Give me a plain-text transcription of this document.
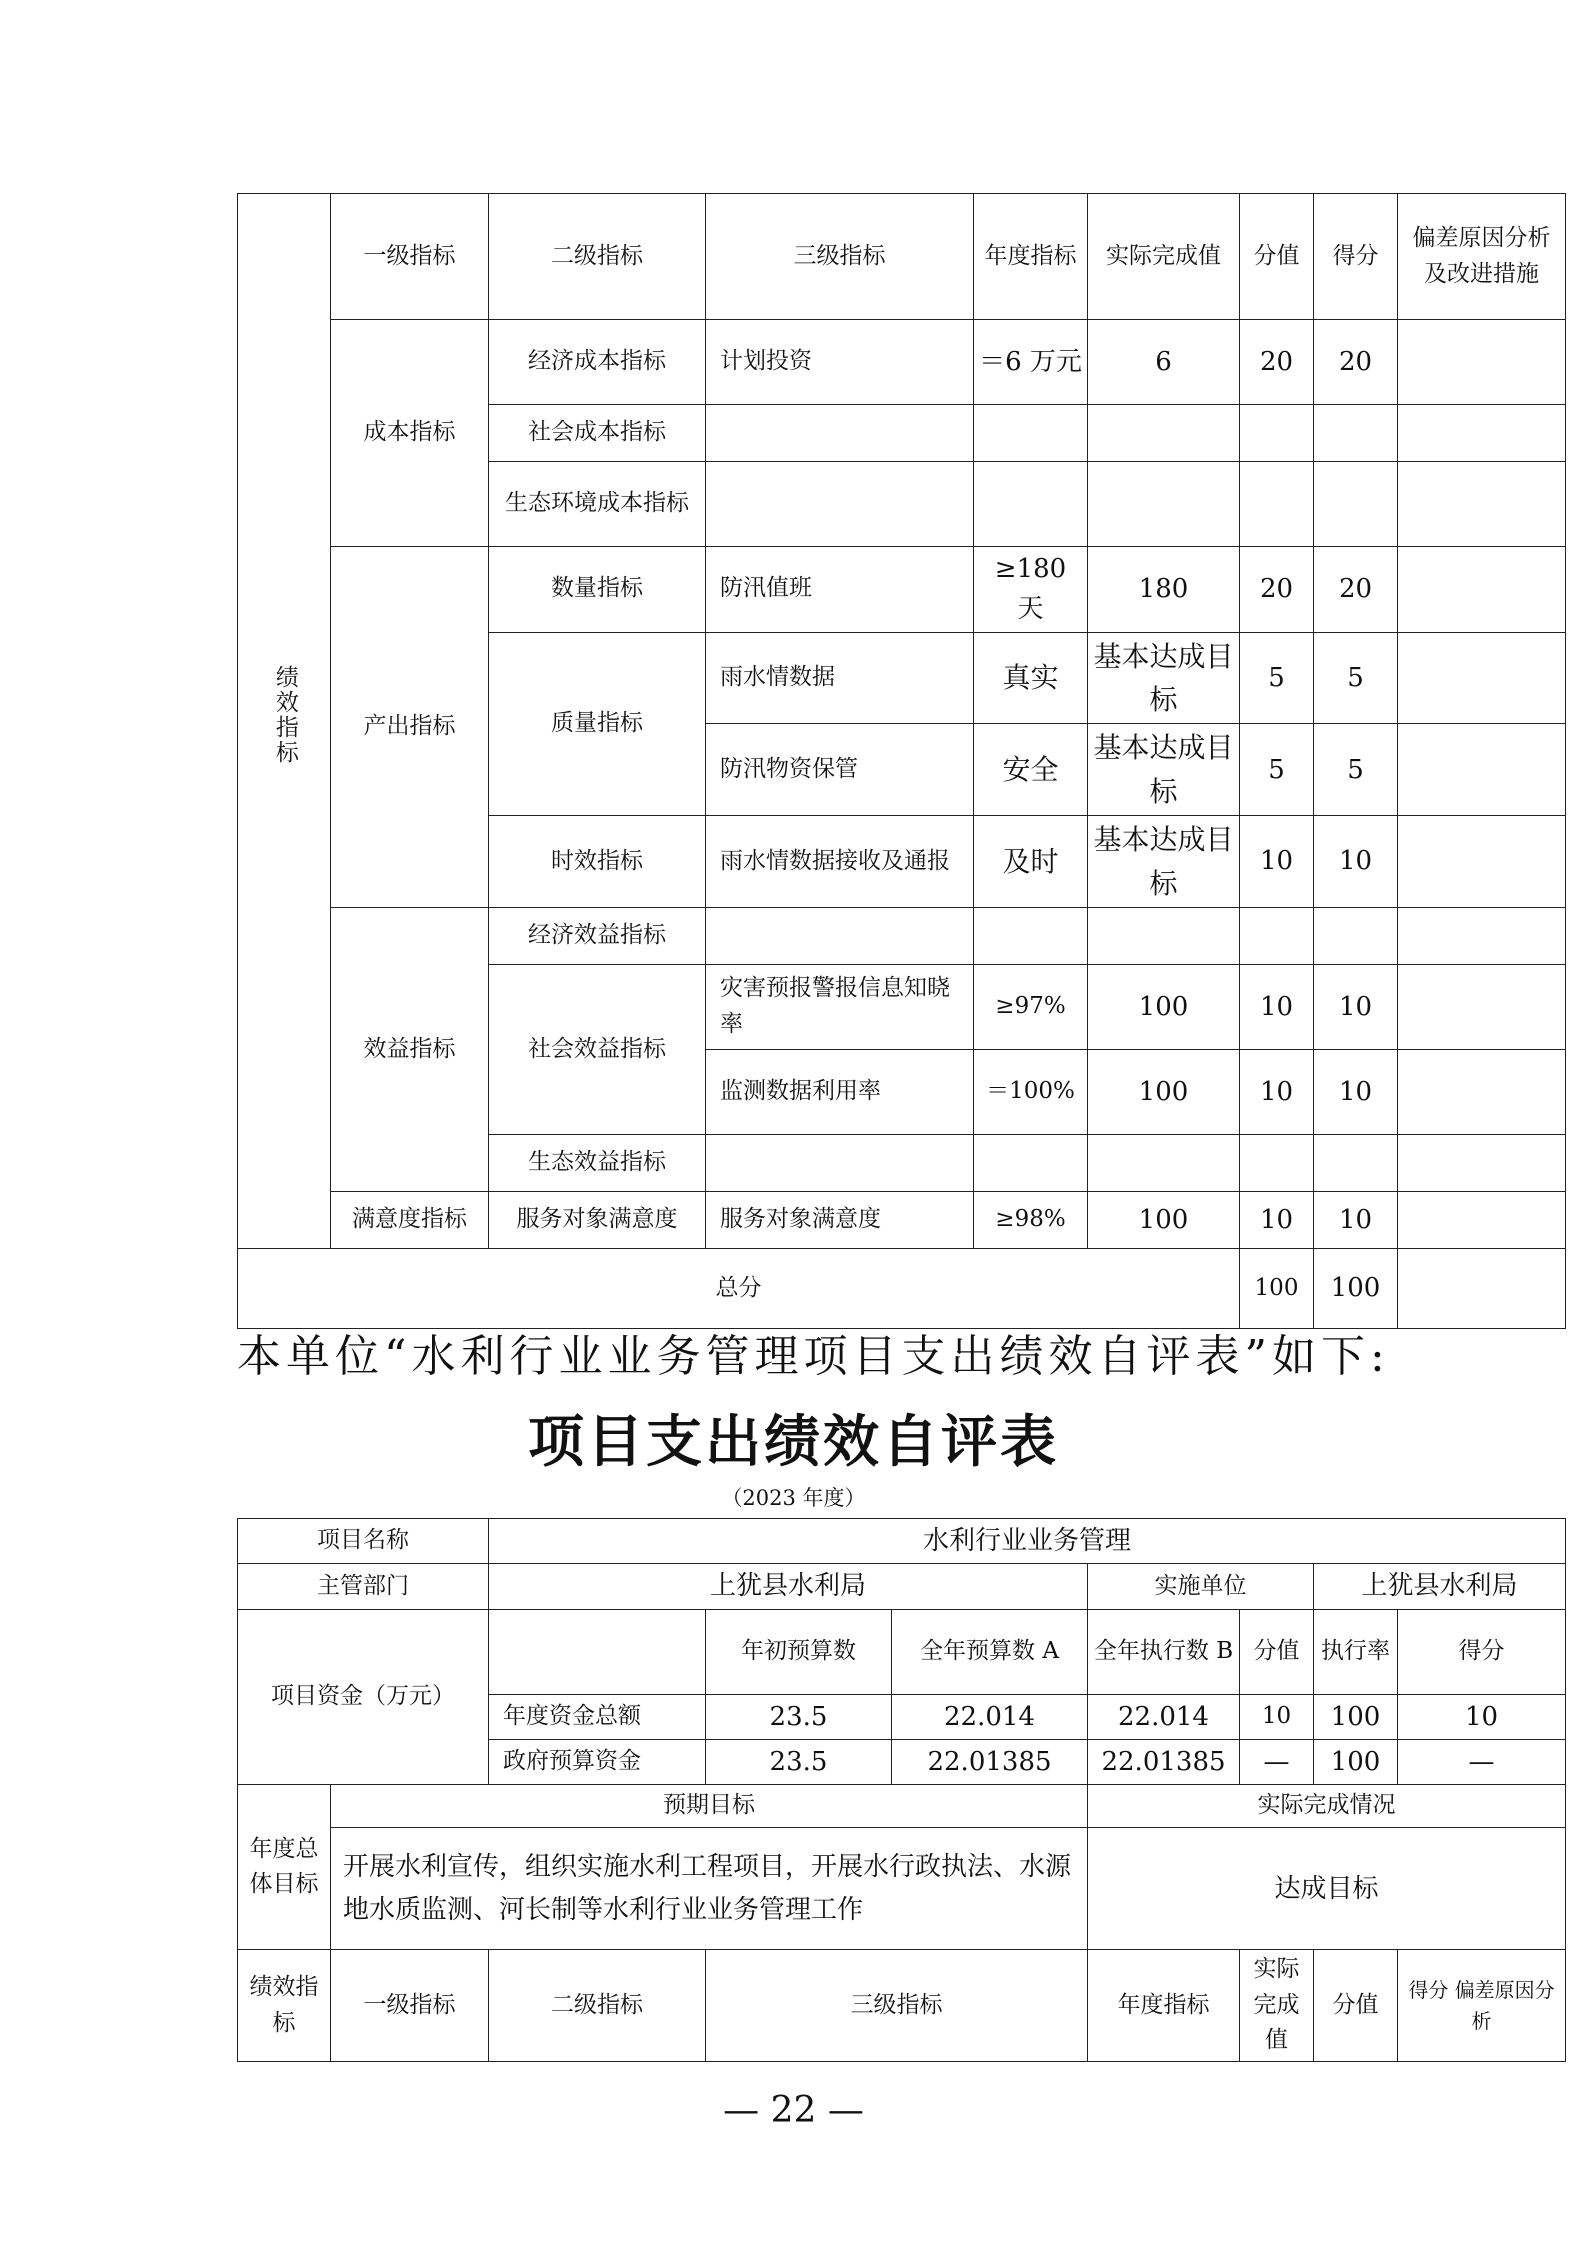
绩效指标	一级指标	二级指标	三级指标	年度指标	实际完成值	分值	得分	偏差原因分析及改进措施
	成本指标	经济成本指标	计划投资	＝6 万元	6	20	20	
		社会成本指标						
		生态环境成本指标						
	产出指标	数量指标	防汛值班	≥180 天	180	20	20	
		质量指标	雨水情数据	真实	基本达成目标	5	5	
			防汛物资保管	安全	基本达成目标	5	5	
		时效指标	雨水情数据接收及通报	及时	基本达成目标	10	10	
	效益指标	经济效益指标						
		社会效益指标	灾害预报警报信息知晓率	≥97%	100	10	10	
			监测数据利用率	＝100%	100	10	10	
		生态效益指标						
	满意度指标	服务对象满意度	服务对象满意度	≥98%	100	10	10	
总分						100	100	
本单位“水利行业业务管理项目支出绩效自评表”如下:
项目支出绩效自评表
（2023 年度）
项目名称		水利行业业务管理						
主管部门		上犹县水利局			实施单位		上犹县水利局	
项目资金（万元）			年初预算数	全年预算数 A	全年执行数 B	分值	执行率	得分
		年度资金总额	23.5	22.014	22.014	10	100	10
		政府预算资金	23.5	22.01385	22.01385	—	100	—
年度总体目标	预期目标				实际完成情况			
	开展水利宣传，组织实施水利工程项目，开展水行政执法、水源地水质监测、河长制等水利行业业务管理工作				达成目标			
绩效指标	一级指标	二级指标	三级指标		年度指标	实际完成值	分值	得分 偏差原因分析
— 22 —
